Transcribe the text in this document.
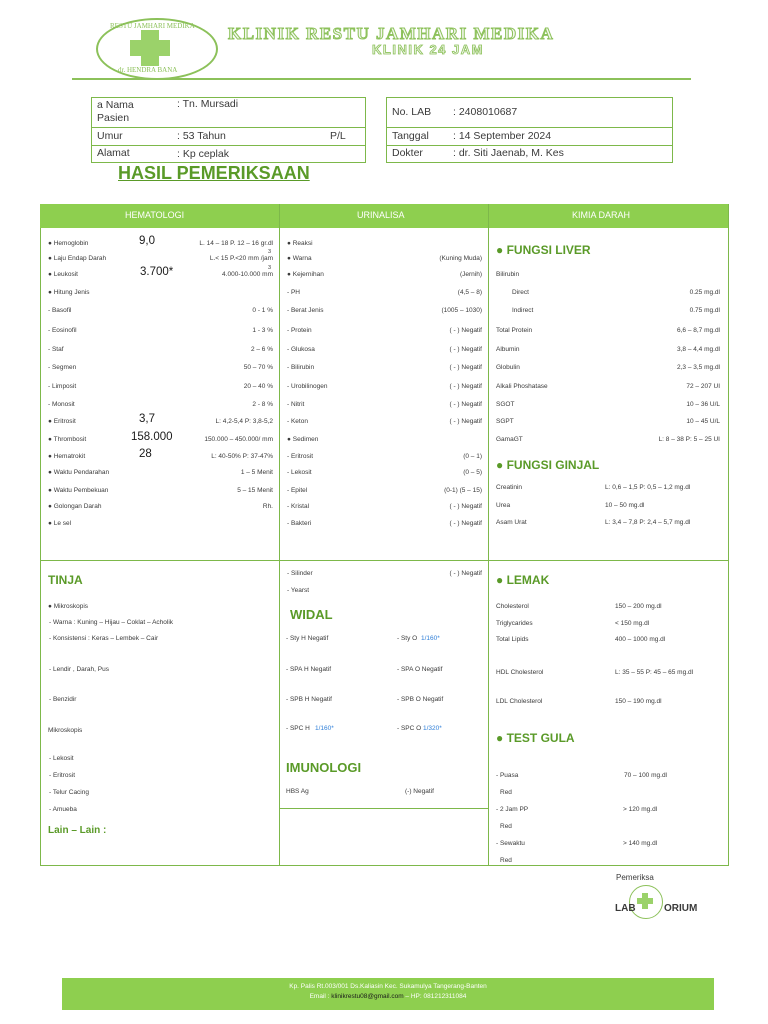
RESTU JAMHARI MEDIKA
dr. HENDRA BANA
KLINIK RESTU JAMHARI MEDIKA
KLINIK 24 JAM
a Nama Pasien
: Tn. Mursadi
Umur	: 53 Tahun	P/L
Alamat	: Kp ceplak
No. LAB : 2408010687
Tanggal : 14 September 2024
Dokter	: dr. Siti Jaenab, M. Kes
HASIL PEMERIKSAAN
HEMATOLOGI	URINALISA	KIMIA DARAH
● Hemoglobin	9,0	L. 14 – 18 P. 12 – 16 gr.dl
● Laju Endap Darah	L.< 15 P.<20 mm /jam
3
● Leukosit	3.700*	4.000-10.000 mm
3
● Hitung Jenis
- Basofil	0 - 1 %
- Eosinofil	1 - 3 %
- Staf	2 – 6 %
- Segmen	50 – 70 %
- Limposit	20 – 40 %
- Monosit	2 - 8 %
● Eritrosit	3,7	L: 4,2-5,4 P: 3,8-5,2
● Thrombosit	158.000	150.000 – 450.000/ mm
● Hematrokit	28	L: 40-50% P: 37-47%
● Waktu Pendarahan	1 – 5 Menit
● Waktu Pembekuan	5 – 15 Menit
● Golongan Darah	Rh.
● Le sel
● Reaksi
● Warna	(Kuning Muda)
● Kejernihan	(Jernih)
- PH	(4,5 – 8)
- Berat Jenis	(1005 – 1030)
- Protein	( - ) Negatif
- Glukosa	( - ) Negatif
- Bilirubin	( - ) Negatif
- Urobilinogen	( - ) Negatif
- Nitrit	( - ) Negatif
- Keton	( - ) Negatif
● Sedimen
- Eritrosit	(0 – 1)
- Lekosit	(0 – 5)
- Epitel	(0-1) (5 – 15)
- Kristal	( - ) Negatif
- Bakteri	( - ) Negatif
- Silinder	( - ) Negatif
- Yearst
● FUNGSI LIVER
Bilirubin
Direct	0.25 mg.dl
Indirect	0.75 mg.dl
Total Protein	6,6 – 8,7 mg.dl
Albumin	3,8 – 4,4 mg.dl
Globulin	2,3 – 3,5 mg.dl
Alkali Phoshatase	72 – 207 UI
SGOT	10 – 36 U/L
SGPT	10 – 45 U/L
GamaGT	L: 8 – 38 P: 5 – 25 UI
● FUNGSI GINJAL
Creatinin	L: 0,6 – 1,5 P: 0,5 – 1,2 mg.dl
Urea	10 – 50 mg.dl
Asam Urat	L: 3,4 – 7,8 P: 2,4 – 5,7 mg.dl
● LEMAK
Cholesterol	150 – 200 mg.dl
Triglycarides	< 150 mg.dl
Total Lipids	400 – 1000 mg.dl
HDL Cholesterol	L: 35 – 55 P: 45 – 65 mg.dl
LDL Cholesterol	150 – 190 mg.dl
● TEST GULA
- Puasa	70 – 100 mg.dl
Red
- 2 Jam PP	> 120 mg.dl
Red
- Sewaktu	> 140 mg.dl
Red
TINJA
● Mikroskopis
- Warna : Kuning – Hijau – Coklat – Acholik
- Konsistensi : Keras – Lembek – Cair
- Lendir , Darah, Pus
- Benzidir
Mikroskopis
- Lekosit
- Eritrosit
- Telur Cacing
- Amueba
Lain – Lain :
WIDAL
- Sty H Negatif	- Sty O 1/160*
- SPA H Negatif	- SPA O Negatif
- SPB H Negatif	- SPB O Negatif
- SPC H 1/160*	- SPC O 1/320*
IMUNOLOGI
HBS Ag	(-) Negatif
Pemeriksa
LAB	ORIUM
Kp. Palis Rt.003/001 Ds.Kaliasin Kec. Sukamulya Tangerang-Banten
Email : klinikrestu08@gmail.com – HP: 081212311084
